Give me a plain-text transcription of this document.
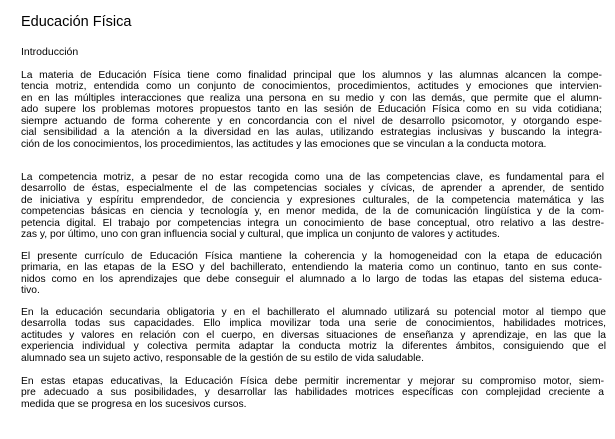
Educación Física
Introducción

La materia de Educación Física tiene como finalidad principal que los alumnos y las alumnas alcancen la compe-
tencia motriz, entendida como un conjunto de conocimientos, procedimientos, actitudes y emociones que intervien-
en en las múltiples interacciones que realiza una persona en su medio y con las demás, que permite que el alumn-
ado supere los problemas motores propuestos tanto en las sesión de Educación Física como en su vida cotidiana;
siempre actuando de forma coherente y en concordancia con el nivel de desarrollo psicomotor, y otorgando espe-
cial sensibilidad a la atención a la diversidad en las aulas, utilizando estrategias inclusivas y buscando la integra-
ción de los conocimientos, los procedimientos, las actitudes y las emociones que se vinculan a la conducta motora.

La competencia motriz, a pesar de no estar recogida como una de las competencias clave, es fundamental para el
desarrollo de éstas, especialmente el de las competencias sociales y cívicas, de aprender a aprender, de sentido
de iniciativa y espíritu emprendedor, de conciencia y expresiones culturales, de la competencia matemática y las
competencias básicas en ciencia y tecnología y, en menor medida, de la de comunicación lingüística y de la com-
petencia digital. El trabajo por competencias integra un conocimiento de base conceptual, otro relativo a las destre-
zas y, por último, uno con gran influencia social y cultural, que implica un conjunto de valores y actitudes.

El presente currículo de Educación Física mantiene la coherencia y la homogeneidad con la etapa de educación
primaria, en las etapas de la ESO y del bachillerato, entendiendo la materia como un continuo, tanto en sus conte-
nidos como en los aprendizajes que debe conseguir el alumnado a lo largo de todas las etapas del sistema educa-
tivo.

En la educación secundaria obligatoria y en el bachillerato el alumnado utilizará su potencial motor al tiempo que
desarrolla todas sus capacidades. Ello implica movilizar toda una serie de conocimientos, habilidades motrices,
actitudes y valores en relación con el cuerpo, en diversas situaciones de enseñanza y aprendizaje, en las que la
experiencia individual y colectiva permita adaptar la conducta motriz la diferentes ámbitos, consiguiendo que el
alumnado sea un sujeto activo, responsable de la gestión de su estilo de vida saludable.

En estas etapas educativas, la Educación Física debe permitir incrementar y mejorar su compromiso motor, siem-
pre adecuado a sus posibilidades, y desarrollar las habilidades motrices específicas con complejidad creciente a
medida que se progresa en los sucesivos cursos.
